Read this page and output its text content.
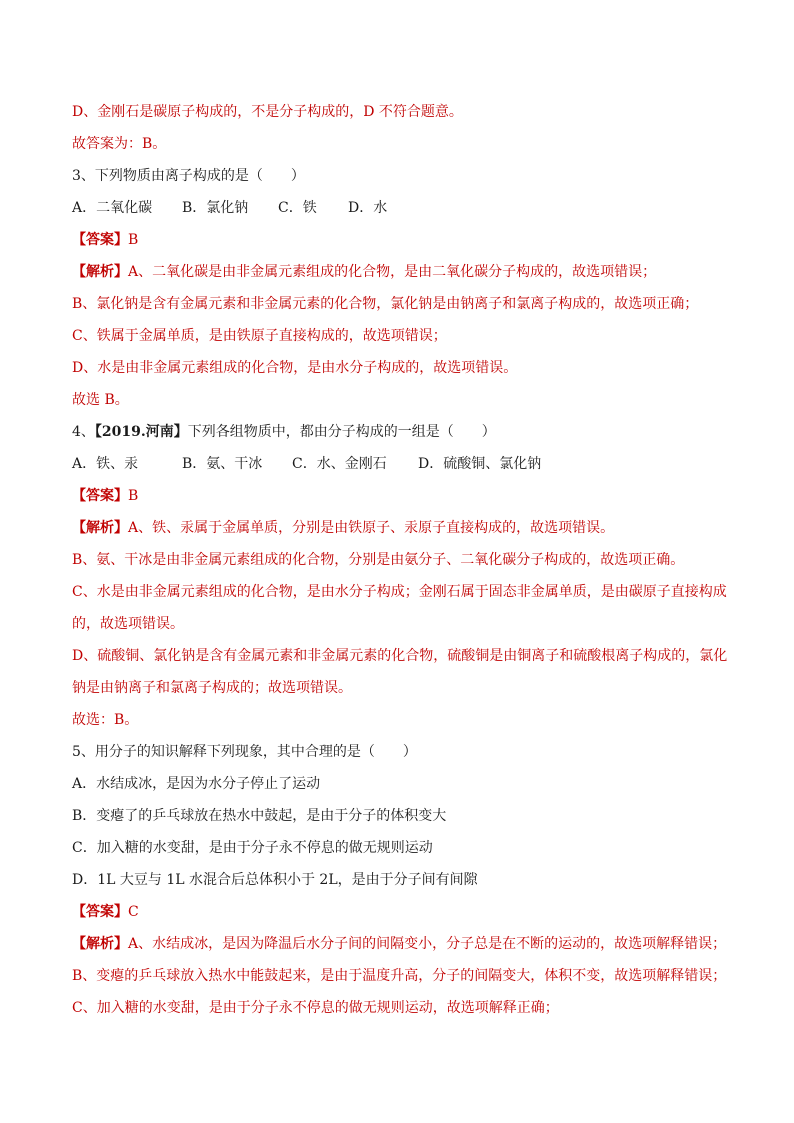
D、金刚石是碳原子构成的，不是分子构成的，D 不符合题意。
故答案为：B。
3、下列物质由离子构成的是（　　）
A．二氧化碳 B．氯化钠 C．铁 D．水
【答案】B
【解析】A、二氧化碳是由非金属元素组成的化合物，是由二氧化碳分子构成的，故选项错误；
B、氯化钠是含有金属元素和非金属元素的化合物，氯化钠是由钠离子和氯离子构成的，故选项正确；
C、铁属于金属单质，是由铁原子直接构成的，故选项错误；
D、水是由非金属元素组成的化合物，是由水分子构成的，故选项错误。
故选 B。
4、【2019.河南】下列各组物质中，都由分子构成的一组是（　　）
A．铁、汞	B．氨、干冰 C．水、金刚石 D．硫酸铜、氯化钠
【答案】B
【解析】A、铁、汞属于金属单质，分别是由铁原子、汞原子直接构成的，故选项错误。
B、氨、干冰是由非金属元素组成的化合物，分别是由氨分子、二氧化碳分子构成的，故选项正确。
C、水是由非金属元素组成的化合物，是由水分子构成；金刚石属于固态非金属单质，是由碳原子直接构成
的，故选项错误。
D、硫酸铜、氯化钠是含有金属元素和非金属元素的化合物，硫酸铜是由铜离子和硫酸根离子构成的，氯化
钠是由钠离子和氯离子构成的；故选项错误。
故选：B。
5、用分子的知识解释下列现象，其中合理的是（　　）
A．水结成冰，是因为水分子停止了运动
B．变瘪了的乒乓球放在热水中鼓起，是由于分子的体积变大
C．加入糖的水变甜，是由于分子永不停息的做无规则运动
D．1L 大豆与 1L 水混合后总体积小于 2L，是由于分子间有间隙
【答案】C
【解析】A、水结成冰，是因为降温后水分子间的间隔变小，分子总是在不断的运动的，故选项解释错误；
B、变瘪的乒乓球放入热水中能鼓起来，是由于温度升高，分子的间隔变大，体积不变，故选项解释错误；
C、加入糖的水变甜，是由于分子永不停息的做无规则运动，故选项解释正确；
